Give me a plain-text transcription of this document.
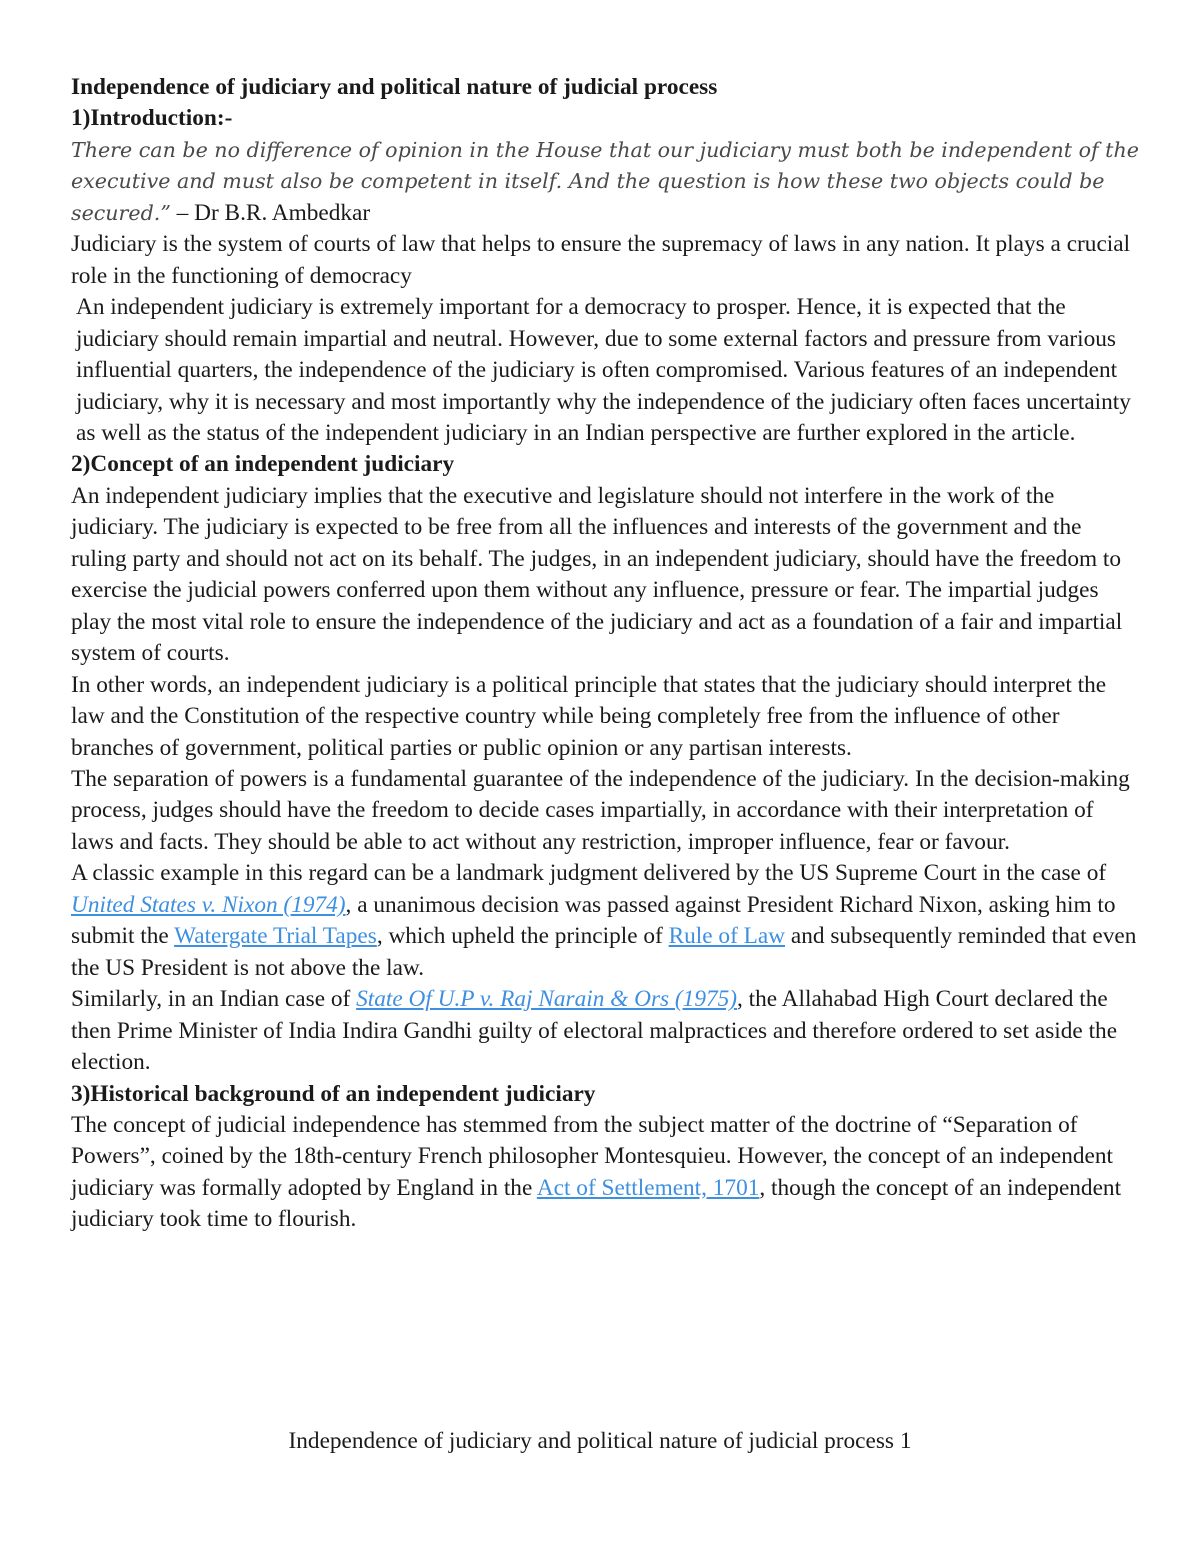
Independence of judiciary and political nature of judicial process

1)Introduction:-

There can be no difference of opinion in the House that our judiciary must both be independent of the executive and must also be competent in itself. And the question is how these two objects could be secured.” – Dr B.R. Ambedkar

Judiciary is the system of courts of law that helps to ensure the supremacy of laws in any nation. It plays a crucial role in the functioning of democracy

An independent judiciary is extremely important for a democracy to prosper. Hence, it is expected that the judiciary should remain impartial and neutral. However, due to some external factors and pressure from various influential quarters, the independence of the judiciary is often compromised. Various features of an independent judiciary, why it is necessary and most importantly why the independence of the judiciary often faces uncertainty as well as the status of the independent judiciary in an Indian perspective are further explored in the article.

2)Concept of an independent judiciary

An independent judiciary implies that the executive and legislature should not interfere in the work of the judiciary. The judiciary is expected to be free from all the influences and interests of the government and the ruling party and should not act on its behalf. The judges, in an independent judiciary, should have the freedom to exercise the judicial powers conferred upon them without any influence, pressure or fear. The impartial judges play the most vital role to ensure the independence of the judiciary and act as a foundation of a fair and impartial system of courts.

In other words, an independent judiciary is a political principle that states that the judiciary should interpret the law and the Constitution of the respective country while being completely free from the influence of other branches of government, political parties or public opinion or any partisan interests.

The separation of powers is a fundamental guarantee of the independence of the judiciary. In the decision-making process, judges should have the freedom to decide cases impartially, in accordance with their interpretation of laws and facts. They should be able to act without any restriction, improper influence, fear or favour.

A classic example in this regard can be a landmark judgment delivered by the US Supreme Court in the case of United States v. Nixon (1974), a unanimous decision was passed against President Richard Nixon, asking him to submit the Watergate Trial Tapes, which upheld the principle of Rule of Law and subsequently reminded that even the US President is not above the law.

Similarly, in an Indian case of State Of U.P v. Raj Narain & Ors (1975), the Allahabad High Court declared the then Prime Minister of India Indira Gandhi guilty of electoral malpractices and therefore ordered to set aside the election.

3)Historical background of an independent judiciary

The concept of judicial independence has stemmed from the subject matter of the doctrine of “Separation of Powers”, coined by the 18th-century French philosopher Montesquieu. However, the concept of an independent judiciary was formally adopted by England in the Act of Settlement, 1701, though the concept of an independent judiciary took time to flourish.

Independence of judiciary and political nature of judicial process 1
